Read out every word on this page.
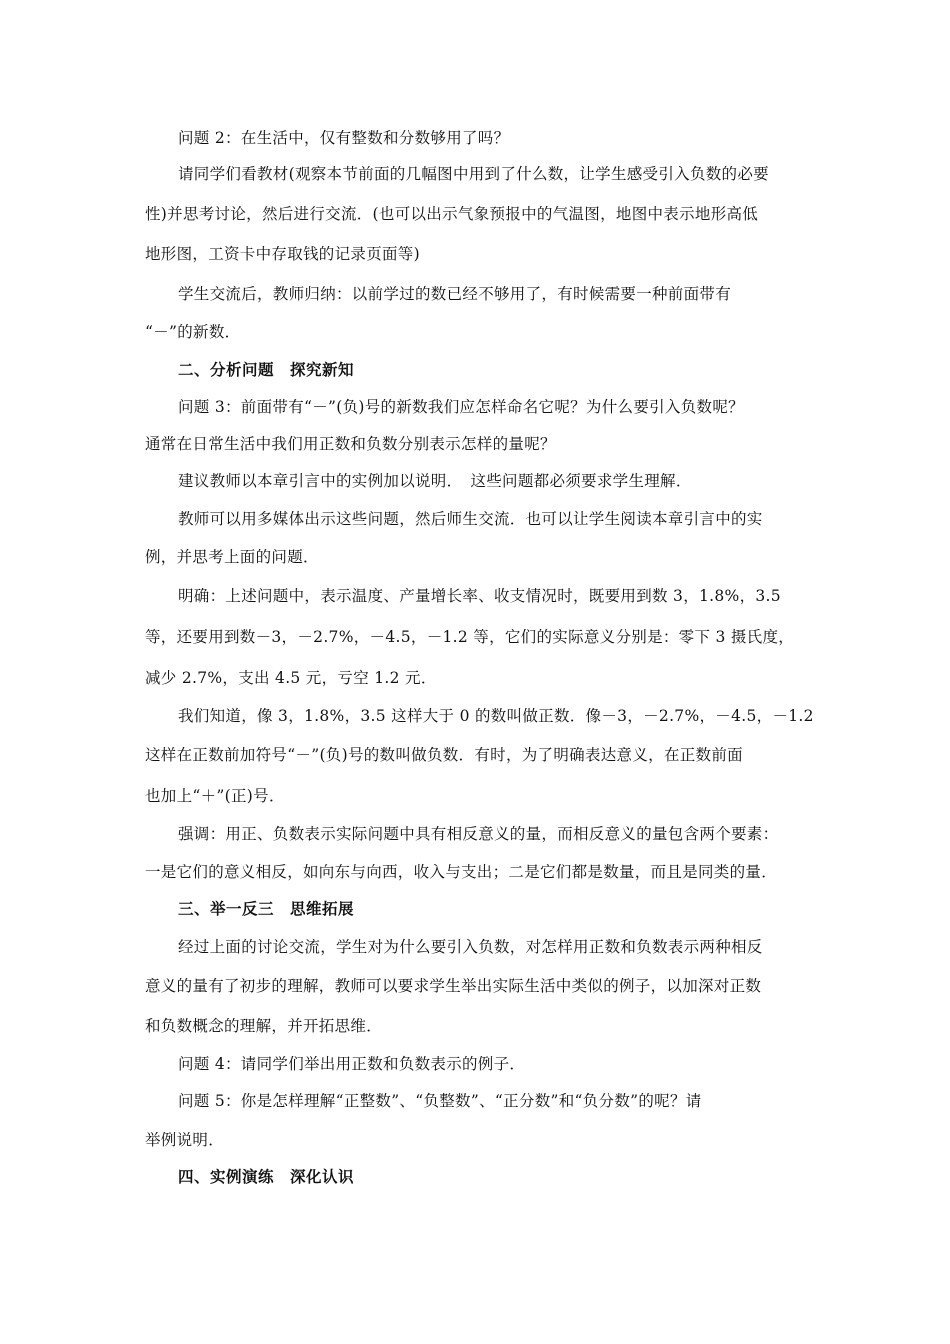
问题 2：在生活中，仅有整数和分数够用了吗？
请同学们看教材(观察本节前面的几幅图中用到了什么数，让学生感受引入负数的必要
性)并思考讨论，然后进行交流．(也可以出示气象预报中的气温图，地图中表示地形高低
地形图，工资卡中存取钱的记录页面等)
学生交流后，教师归纳：以前学过的数已经不够用了，有时候需要一种前面带有
“－”的新数．
二、分析问题　探究新知
问题 3：前面带有“－”(负)号的新数我们应怎样命名它呢？为什么要引入负数呢？
通常在日常生活中我们用正数和负数分别表示怎样的量呢？
建议教师以本章引言中的实例加以说明．　这些问题都必须要求学生理解．
教师可以用多媒体出示这些问题，然后师生交流．也可以让学生阅读本章引言中的实
例，并思考上面的问题．
明确：上述问题中，表示温度、产量增长率、收支情况时，既要用到数 3，1.8%，3.5
等，还要用到数－3，－2.7%，－4.5，－1.2 等，它们的实际意义分别是：零下 3 摄氏度，
减少 2.7%，支出 4.5 元，亏空 1.2 元．
我们知道，像 3，1.8%，3.5 这样大于 0 的数叫做正数．像－3，－2.7%，－4.5，－1.2
这样在正数前加符号“－”(负)号的数叫做负数．有时，为了明确表达意义，在正数前面
也加上“＋”(正)号．
强调：用正、负数表示实际问题中具有相反意义的量，而相反意义的量包含两个要素：
一是它们的意义相反，如向东与向西，收入与支出；二是它们都是数量，而且是同类的量．
三、举一反三　思维拓展
经过上面的讨论交流，学生对为什么要引入负数，对怎样用正数和负数表示两种相反
意义的量有了初步的理解，教师可以要求学生举出实际生活中类似的例子，以加深对正数
和负数概念的理解，并开拓思维．
问题 4：请同学们举出用正数和负数表示的例子．
问题 5：你是怎样理解“正整数”、“负整数”、“正分数”和“负分数”的呢？请
举例说明．
四、实例演练　深化认识
